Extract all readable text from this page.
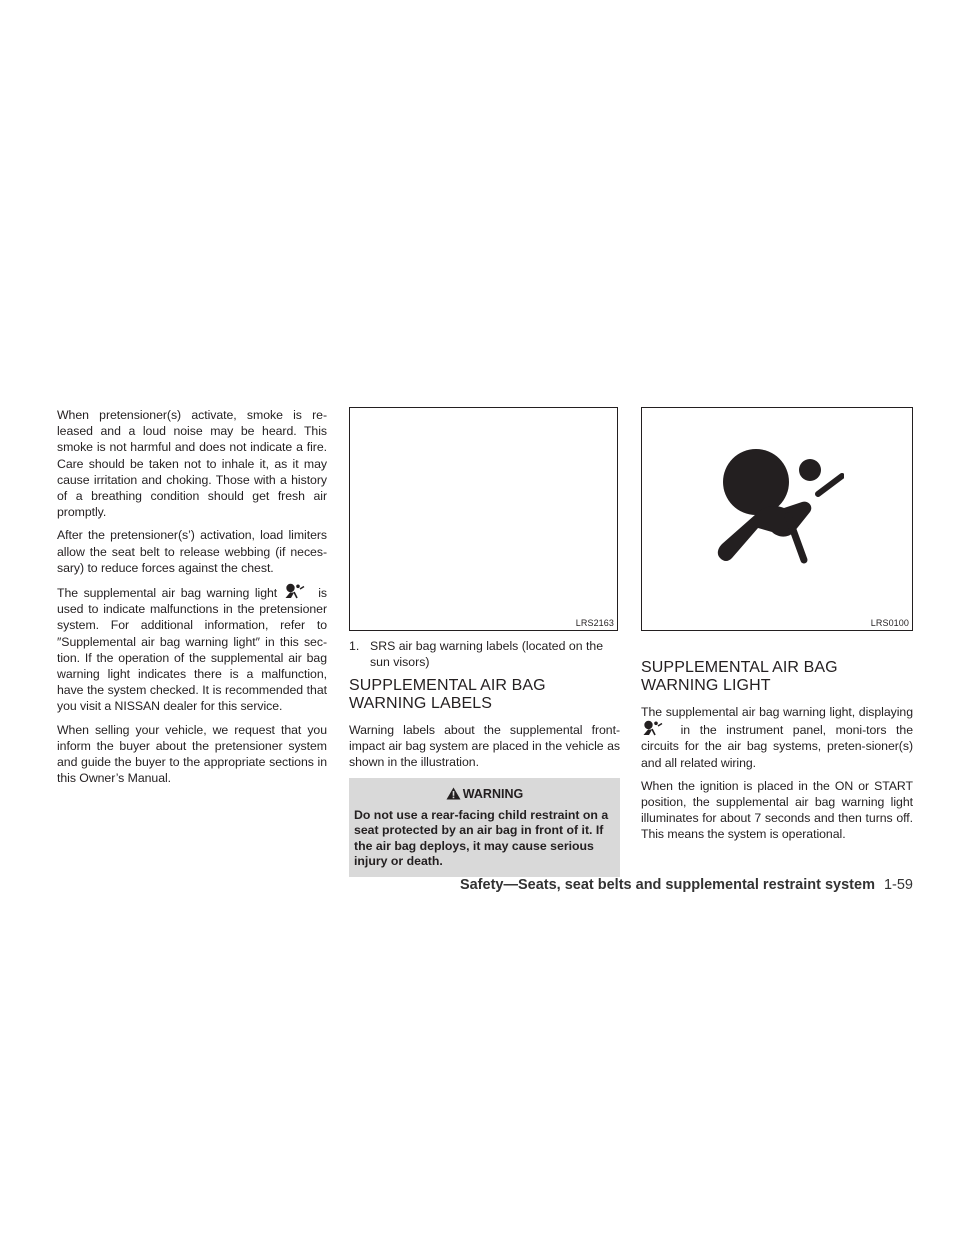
When pretensioner(s) activate, smoke is re-leased and a loud noise may be heard. This smoke is not harmful and does not indicate a fire. Care should be taken not to inhale it, as it may cause irritation and choking. Those with a history of a breathing condition should get fresh air promptly.

After the pretensioner(s’) activation, load limiters allow the seat belt to release webbing (if neces-sary) to reduce forces against the chest.

The supplemental air bag warning light	is used to indicate malfunctions in the pretensioner system. For additional information, refer to ″Supplemental air bag warning light″ in this sec-tion. If the operation of the supplemental air bag warning light indicates there is a malfunction, have the system checked. It is recommended that you visit a NISSAN dealer for this service.

When selling your vehicle, we request that you inform the buyer about the pretensioner system and guide the buyer to the appropriate sections in this Owner’s Manual.

LRS2163

1. SRS air bag warning labels (located on the sun visors)

SUPPLEMENTAL AIR BAG
WARNING LABELS

Warning labels about the supplemental front-impact air bag system are placed in the vehicle as shown in the illustration.

WARNING
Do not use a rear-facing child restraint on a seat protected by an air bag in front of it. If the air bag deploys, it may cause serious injury or death.
LRS0100
SUPPLEMENTAL AIR BAG
WARNING LIGHT

The supplemental air bag warning light, displaying  in the instrument panel, moni-tors the circuits for the air bag systems, preten-sioner(s) and all related wiring.

When the ignition is placed in the ON or START position, the supplemental air bag warning light illuminates for about 7 seconds and then turns off. This means the system is operational.

Safety—Seats, seat belts and supplemental restraint system 1-59
